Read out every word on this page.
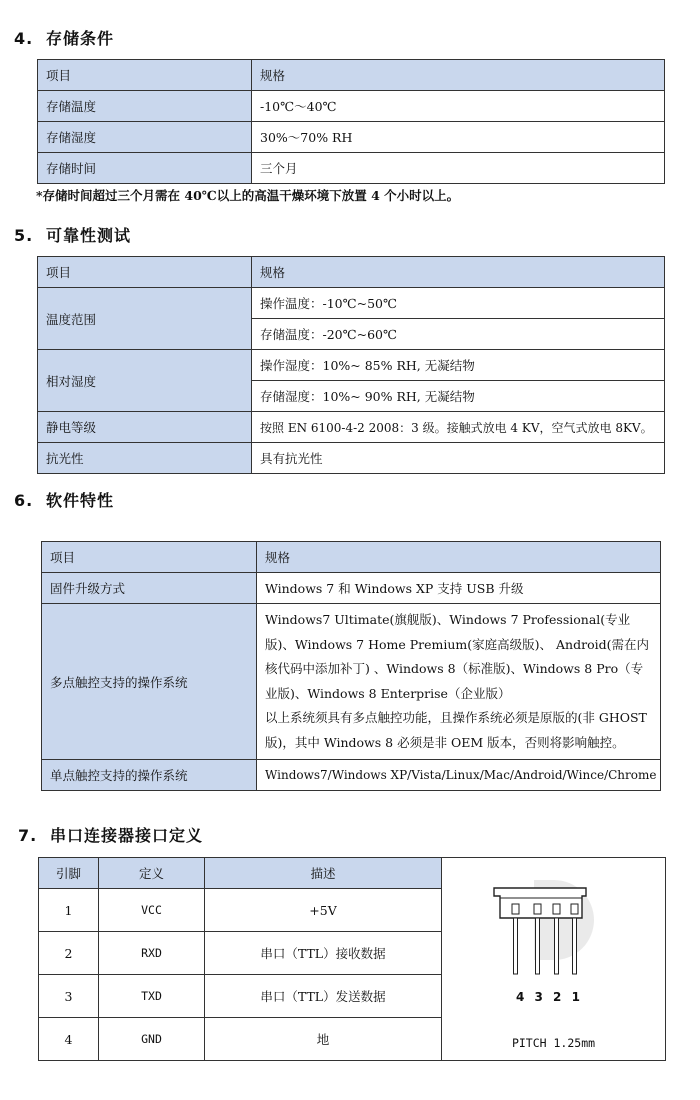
4. 存储条件
项目	规格
存储温度	-10℃～40℃
存储湿度	30%～70% RH
存储时间	三个月
*存储时间超过三个月需在 40℃以上的高温干燥环境下放置 4 个小时以上。
5. 可靠性测试
项目	规格
温度范围	操作温度：-10℃~50℃
	存储温度：-20℃~60℃
相对湿度	操作湿度：10%~ 85% RH, 无凝结物
	存储湿度：10%~ 90% RH, 无凝结物
静电等级	按照 EN 6100-4-2 2008：3 级。接触式放电 4 KV，空气式放电 8KV。
抗光性	具有抗光性
6. 软件特性
项目	规格
固件升级方式	Windows 7 和 Windows XP 支持 USB 升级
多点触控支持的操作系统	Windows7 Ultimate(旗舰版)、Windows 7 Professional(专业版)、Windows 7 Home Premium(家庭高级版)、 Android(需在内核代码中添加补丁) 、Windows 8（标准版)、Windows 8 Pro（专业版)、Windows 8 Enterprise（企业版）
以上系统须具有多点触控功能，且操作系统必须是原版的(非 GHOST 版)，其中 Windows 8 必须是非 OEM 版本，否则将影响触控。

单点触控支持的操作系统	Windows7/Windows XP/Vista/Linux/Mac/Android/Wince/Chrome
7. 串口连接器接口定义
引脚	定义	描述	4 3 2 1
PITCH 1.25mm

1	VCC	+5V	
2	RXD	串口（TTL）接收数据	
3	TXD	串口（TTL）发送数据	
4	GND	地	
